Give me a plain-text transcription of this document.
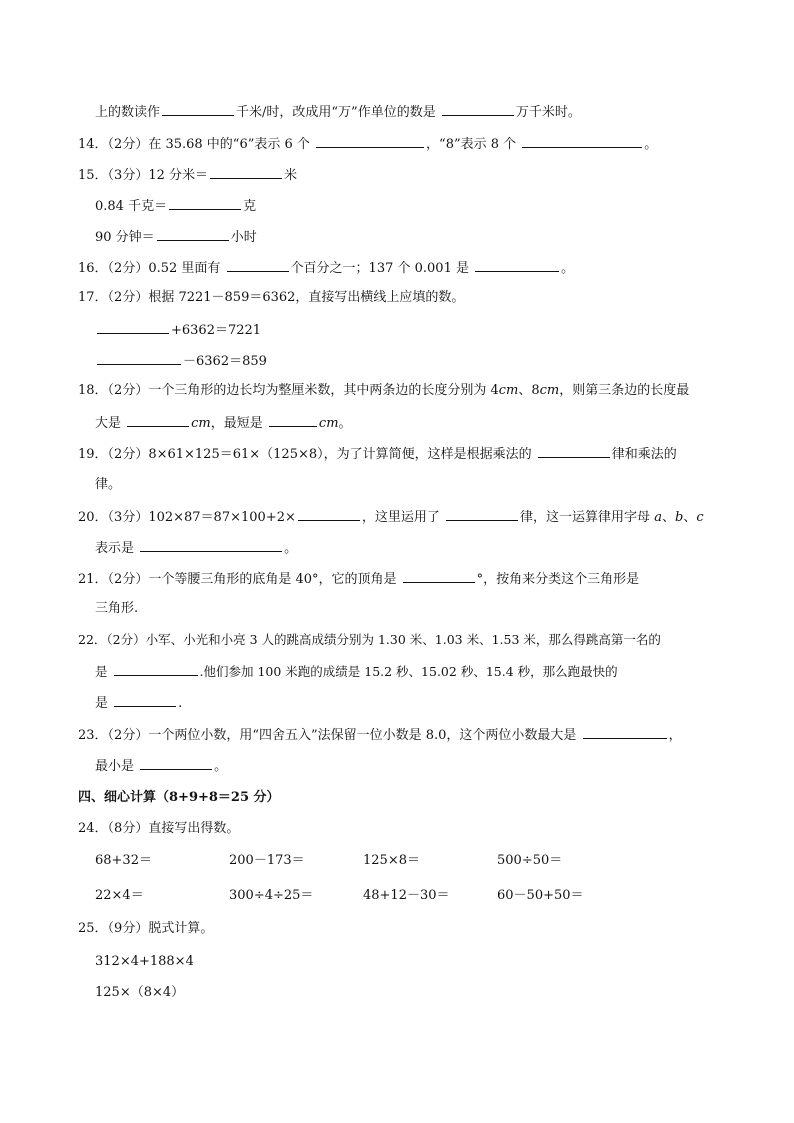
上的数读作	千米/时，改成用“万”作单位的数是	万千米时。
14．（2分）在 35.68 中的“6”表示 6 个	，“8”表示 8 个	。
15．（3分）12 分米＝	米
0.84 千克＝	克
90 分钟＝	小时
16．（2分）0.52 里面有	个百分之一；137 个 0.001 是	。
17．（2分）根据 7221－859＝6362，直接写出横线上应填的数。
+6362＝7221
－6362＝859
18．（2分）一个三角形的边长均为整厘米数，其中两条边的长度分别为 4cm、8cm，则第三条边的长度最
大是	cm，最短是	cm。
19．（2分）8×61×125＝61×（125×8），为了计算简便，这样是根据乘法的	律和乘法的
律。
20．（3分）102×87＝87×100+2×	，这里运用了	律，这一运算律用字母 a、b、c
表示是	。
21．（2分）一个等腰三角形的底角是 40°，它的顶角是	°，按角来分类这个三角形是
三角形.
22．（2分）小军、小光和小亮 3 人的跳高成绩分别为 1.30 米、1.03 米、1.53 米，那么得跳高第一名的
是	.他们参加 100 米跑的成绩是 15.2 秒、15.02 秒、15.4 秒，那么跑最快的
是	.
23．（2分）一个两位小数，用“四舍五入”法保留一位小数是 8.0，这个两位小数最大是	，
最小是	。
四、细心计算（8+9+8＝25 分）
24．（8分）直接写出得数。
68+32＝	200－173＝	125×8＝	500÷50＝
22×4＝	300÷4÷25＝	48+12－30＝	60－50+50＝
25．（9分）脱式计算。
312×4+188×4
125×（8×4）
